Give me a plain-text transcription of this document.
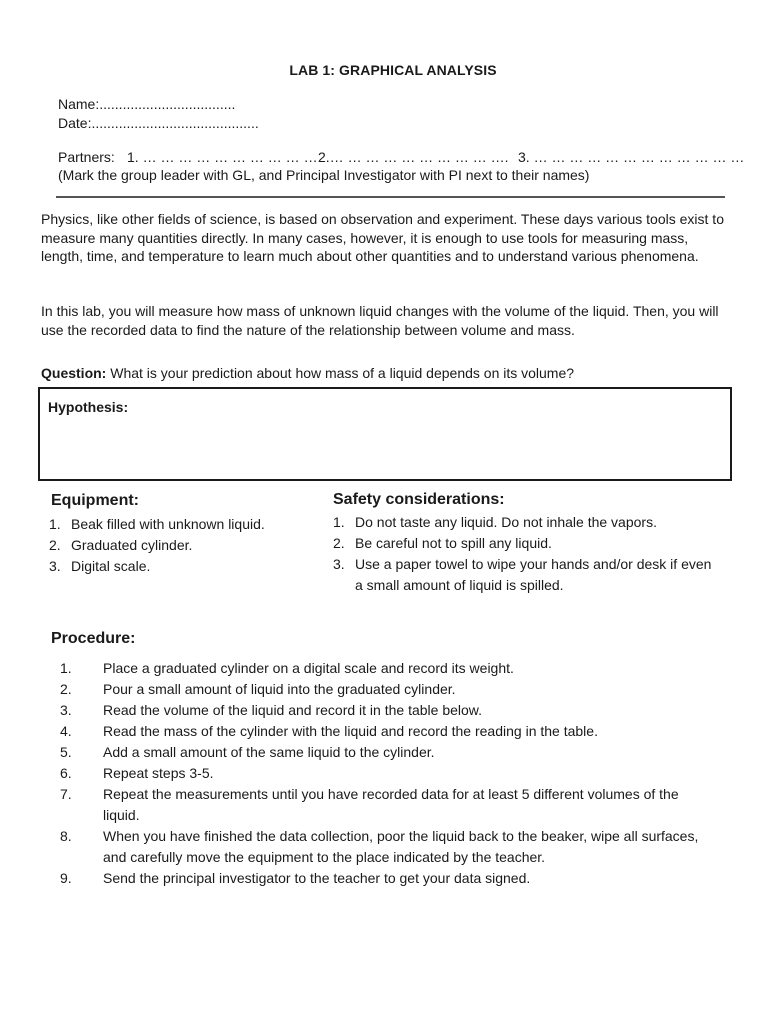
LAB 1: GRAPHICAL ANALYSIS
Name:...................................
Date:...........................................
Partners: 1. … … … … … … … … … … 2.… … … … … … … … … …. 3. … … … … … … … … … … … …
(Mark the group leader with GL, and Principal Investigator with PI next to their names)
Physics, like other fields of science, is based on observation and experiment. These days various tools exist to measure many quantities directly. In many cases, however, it is enough to use tools for measuring mass, length, time, and temperature to learn much about other quantities and to understand various phenomena.
In this lab, you will measure how mass of unknown liquid changes with the volume of the liquid. Then, you will use the recorded data to find the nature of the relationship between volume and mass.
Question: What is your prediction about how mass of a liquid depends on its volume?
Hypothesis:
Equipment:
1. Beak filled with unknown liquid.
2. Graduated cylinder.
3. Digital scale.
Safety considerations:
1. Do not taste any liquid. Do not inhale the vapors.
2. Be careful not to spill any liquid.
3. Use a paper towel to wipe your hands and/or desk if even a small amount of liquid is spilled.
Procedure:
1. Place a graduated cylinder on a digital scale and record its weight.
2. Pour a small amount of liquid into the graduated cylinder.
3. Read the volume of the liquid and record it in the table below.
4. Read the mass of the cylinder with the liquid and record the reading in the table.
5. Add a small amount of the same liquid to the cylinder.
6. Repeat steps 3-5.
7. Repeat the measurements until you have recorded data for at least 5 different volumes of the liquid.
8. When you have finished the data collection, poor the liquid back to the beaker, wipe all surfaces, and carefully move the equipment to the place indicated by the teacher.
9. Send the principal investigator to the teacher to get your data signed.
